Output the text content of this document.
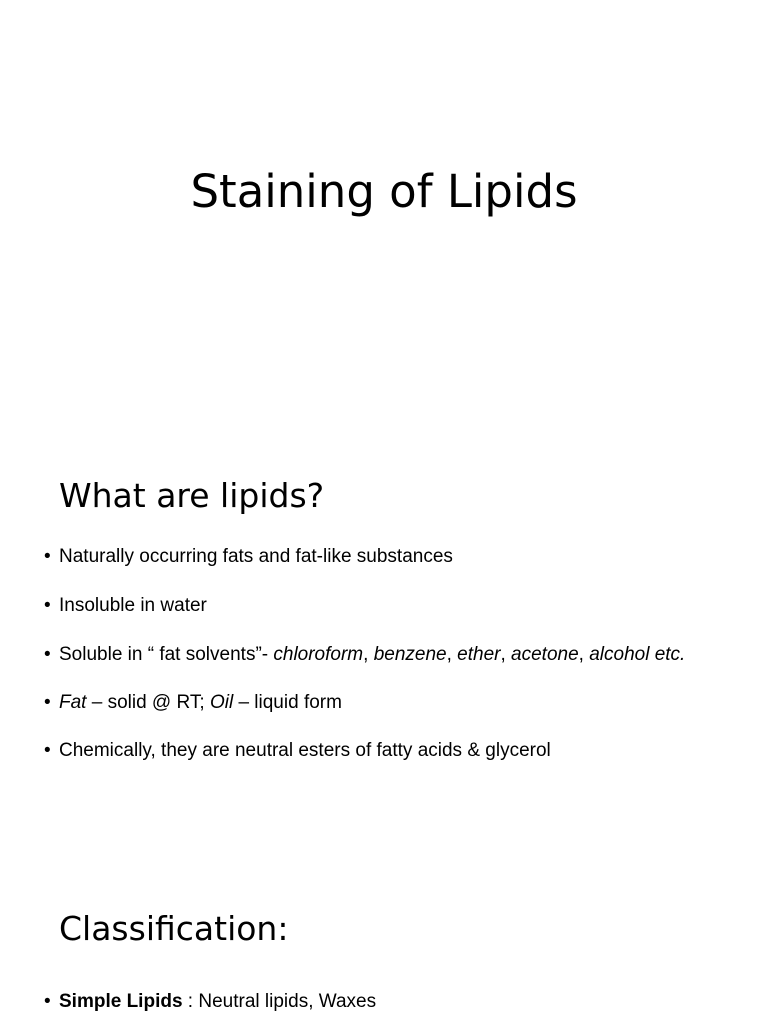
Staining of Lipids
What are lipids?
• Naturally occurring fats and fat-like substances
• Insoluble in water
• Soluble in “ fat solvents”- chloroform, benzene, ether, acetone, alcohol etc.
• Fat – solid @ RT; Oil – liquid form
• Chemically, they are neutral esters of fatty acids & glycerol
Classification:
• Simple Lipids : Neutral lipids, Waxes
